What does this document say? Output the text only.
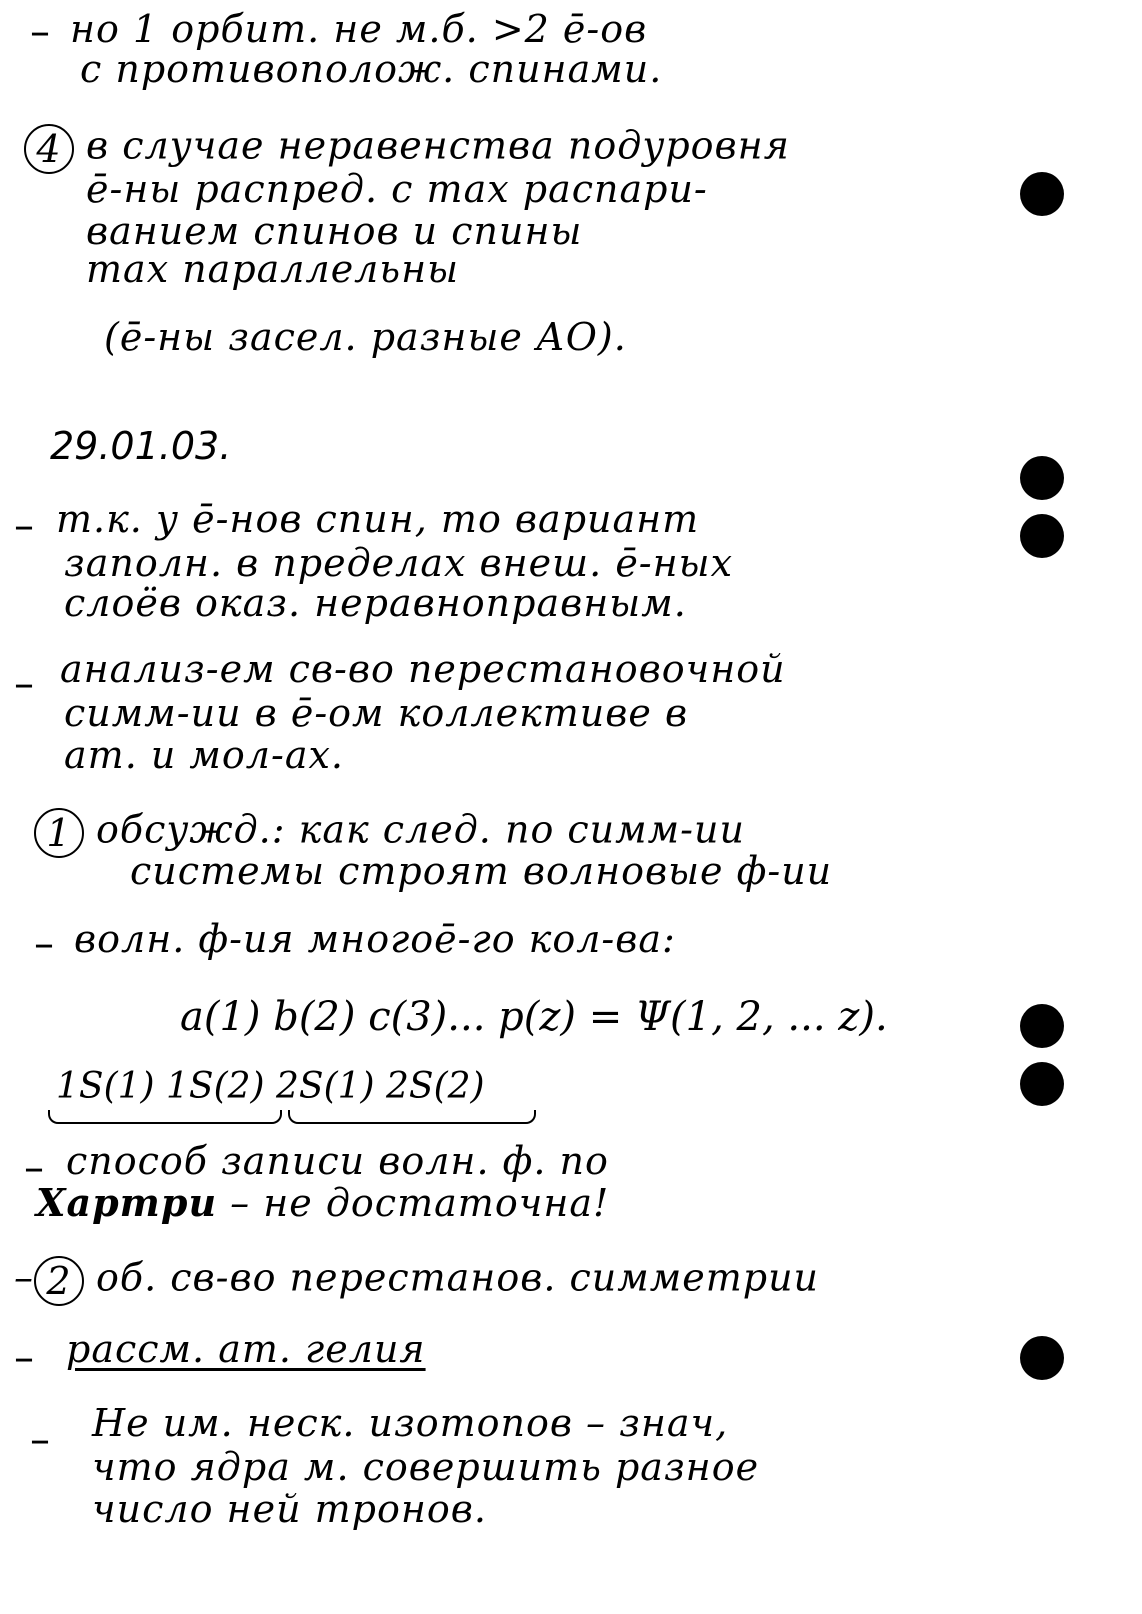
– но 1 орбит. не м.б. >2 ē-ов
с противополож. спинами.
4 в случае неравенства подуровня
ē-ны распред. с max распари-
ванием спинов и спины
max параллельны
(ē-ны засел. разные АО).
29.01.03.
– т.к. у ē-нов спин, то вариант
заполн. в пределах внеш. ē-ных
слоёв оказ. неравноправным.
– анализ-ем св-во перестановочной
симм-ии в ē-ом коллективе в
ат. и мол-ах.
1 обсужд.: как след. по симм-ии
системы строят волновые ф-ии
– волн. ф-ия многоē-го кол-ва:
a(1) b(2) c(3)... p(z) = Ψ(1, 2, ... z).
1S(1) 1S(2) 2S(1) 2S(2)
– способ записи волн. ф. по
Хартри – не достаточна!
– 2 об. св-во перестанов. симметрии
– рассм. ат. гелия
– Не им. неск. изотопов – знач,
что ядра м. совершить разное
число ней тронов.
